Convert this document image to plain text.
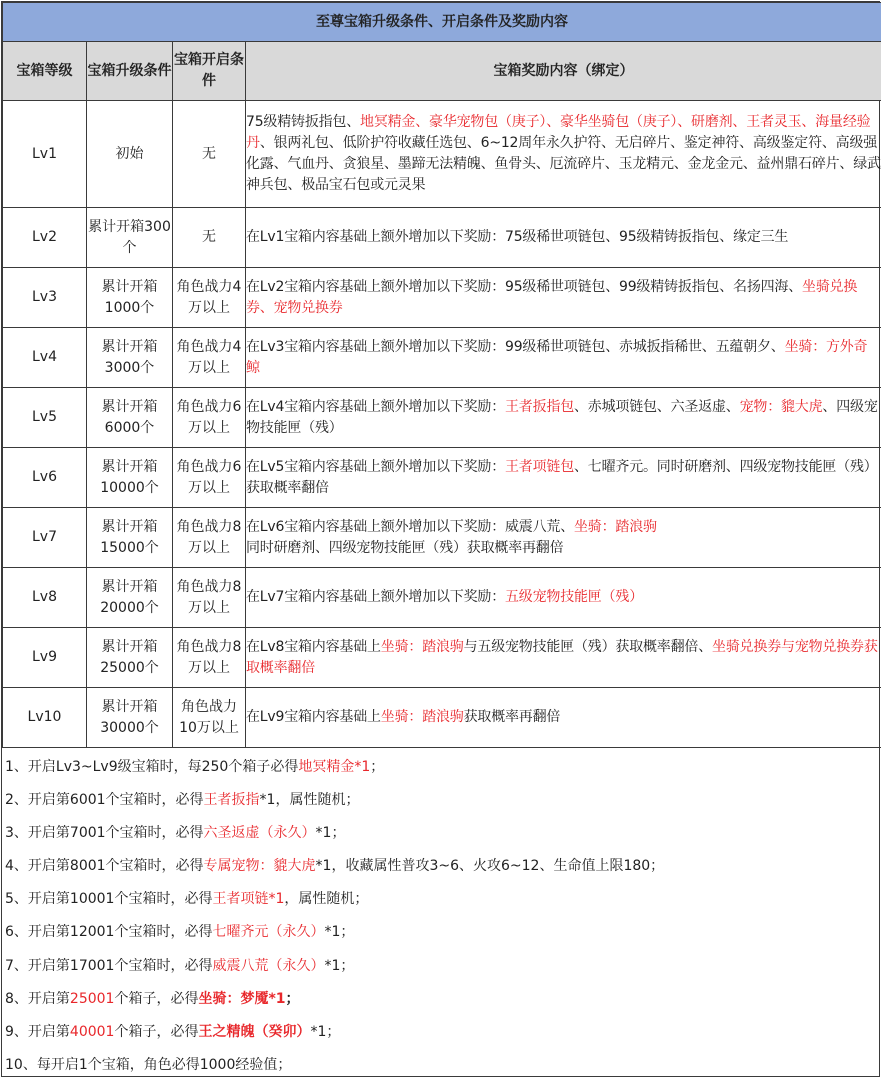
至尊宝箱升级条件、开启条件及奖励内容			
宝箱等级	宝箱升级条件	宝箱开启条件	宝箱奖励内容（绑定）
Lv1	初始	无	75级精铸扳指包、地冥精金、豪华宠物包（庚子）、豪华坐骑包（庚子）、研磨剂、王者灵玉、海量经验丹、银两礼包、低阶护符收藏任选包、6~12周年永久护符、无启碎片、鉴定神符、高级鉴定符、高级强化露、气血丹、贪狼星、墨蹄无法精魄、鱼骨头、厄流碎片、玉龙精元、金龙金元、益州鼎石碎片、绿武神兵包、极品宝石包或元灵果
Lv2	累计开箱300个	无	在Lv1宝箱内容基础上额外增加以下奖励：75级稀世项链包、95级精铸扳指包、缘定三生
Lv3	累计开箱1000个	角色战力4万以上	在Lv2宝箱内容基础上额外增加以下奖励：95级稀世项链包、99级精铸扳指包、名扬四海、坐骑兑换券、宠物兑换券
Lv4	累计开箱3000个	角色战力4万以上	在Lv3宝箱内容基础上额外增加以下奖励：99级稀世项链包、赤城扳指稀世、五蕴朝夕、坐骑：方外奇鲸
Lv5	累计开箱6000个	角色战力6万以上	在Lv4宝箱内容基础上额外增加以下奖励：王者扳指包、赤城项链包、六圣返虚、宠物：貔大虎、四级宠物技能匣（残）
Lv6	累计开箱10000个	角色战力6万以上	在Lv5宝箱内容基础上额外增加以下奖励：王者项链包、七曜齐元。同时研磨剂、四级宠物技能匣（残）获取概率翻倍
Lv7	累计开箱15000个	角色战力8万以上	在Lv6宝箱内容基础上额外增加以下奖励：威震八荒、坐骑：踏浪驹
同时研磨剂、四级宠物技能匣（残）获取概率再翻倍
Lv8	累计开箱20000个	角色战力8万以上	在Lv7宝箱内容基础上额外增加以下奖励：五级宠物技能匣（残）
Lv9	累计开箱25000个	角色战力8万以上	在Lv8宝箱内容基础上坐骑：踏浪驹与五级宠物技能匣（残）获取概率翻倍、坐骑兑换券与宠物兑换券获取概率翻倍
Lv10	累计开箱30000个	角色战力10万以上	在Lv9宝箱内容基础上坐骑：踏浪驹获取概率再翻倍
1、开启Lv3~Lv9级宝箱时，每250个箱子必得地冥精金*1；
2、开启第6001个宝箱时，必得王者扳指*1，属性随机；
3、开启第7001个宝箱时，必得六圣返虚（永久）*1；
4、开启第8001个宝箱时，必得专属宠物：貔大虎*1，收藏属性普攻3~6、火攻6~12、生命值上限180；
5、开启第10001个宝箱时，必得王者项链*1，属性随机；
6、开启第12001个宝箱时，必得七曜齐元（永久）*1；
7、开启第17001个宝箱时，必得威震八荒（永久）*1；
8、开启第25001个箱子，必得坐骑：梦魇*1；
9、开启第40001个箱子，必得王之精魄（癸卯）*1；
10、每开启1个宝箱，角色必得1000经验值；
